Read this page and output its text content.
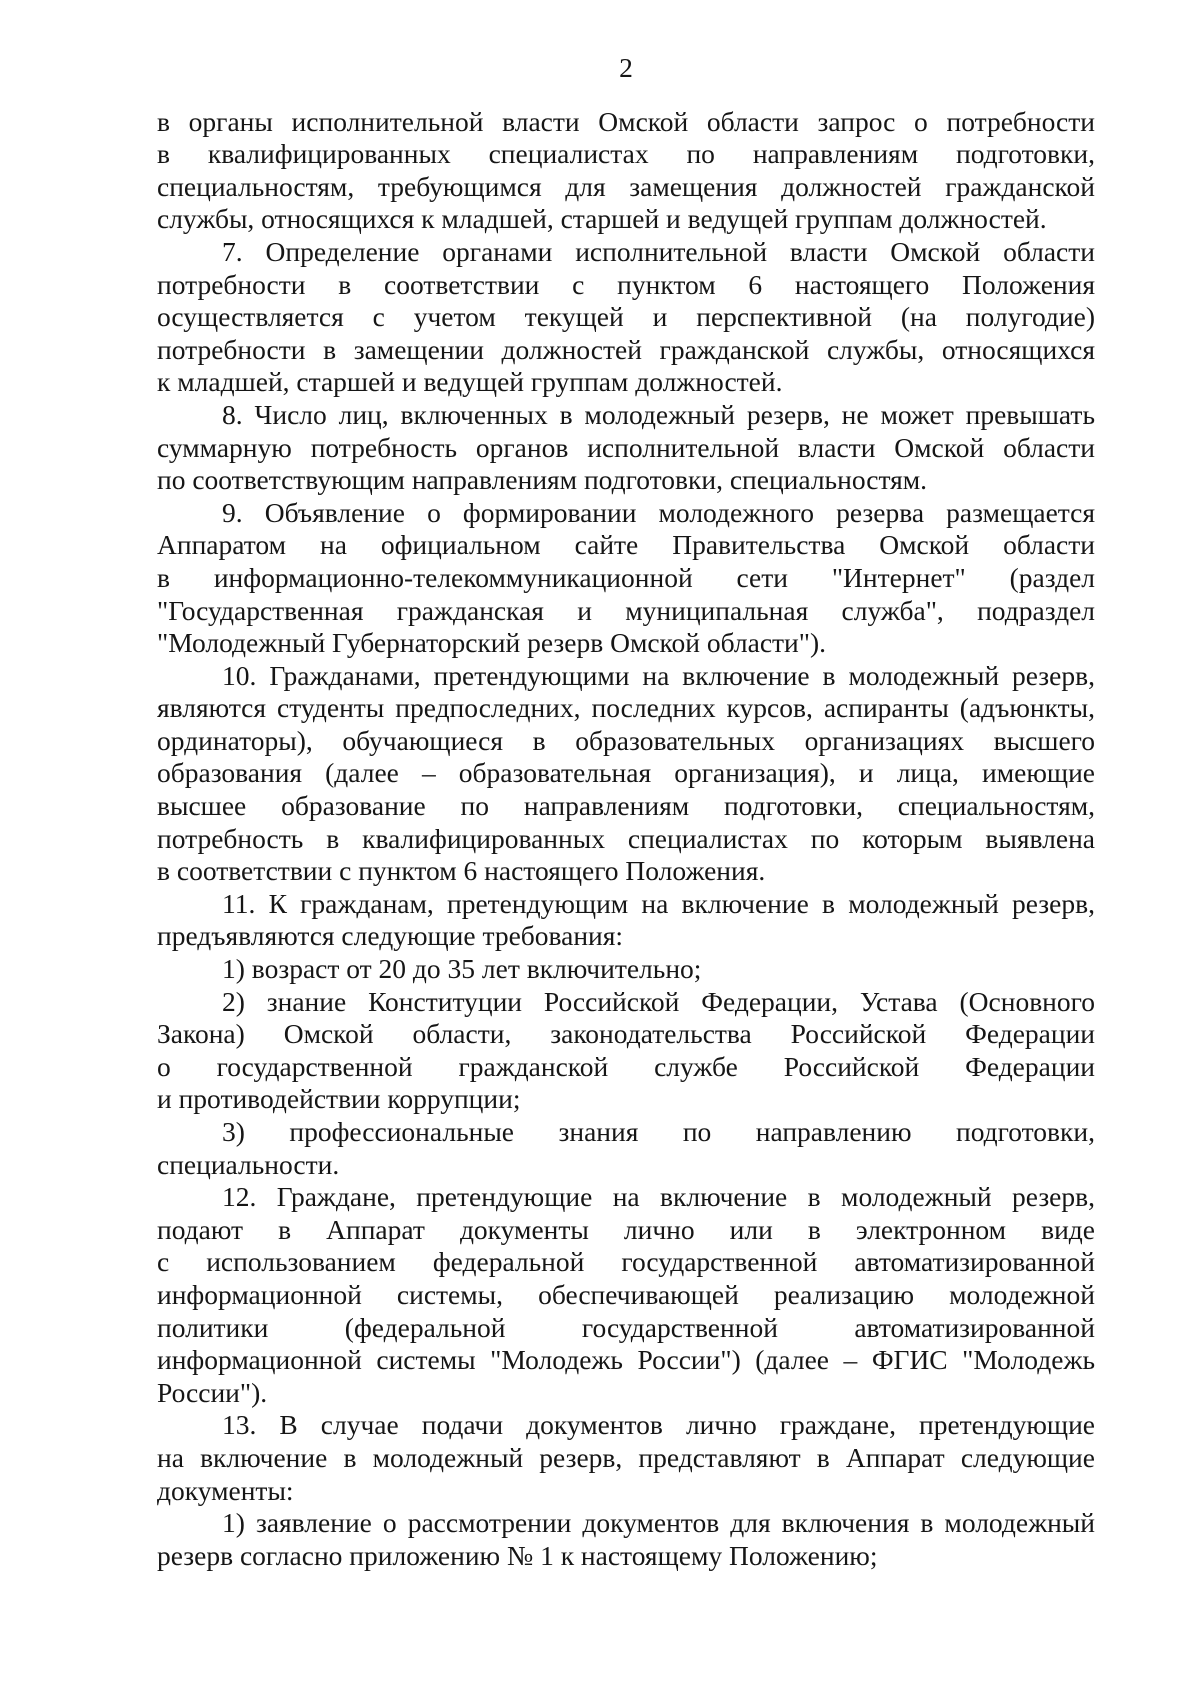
2
в органы исполнительной власти Омской области запрос о потребности
в квалифицированных специалистах по направлениям подготовки,
специальностям, требующимся для замещения должностей гражданской
службы, относящихся к младшей, старшей и ведущей группам должностей.
7. Определение органами исполнительной власти Омской области
потребности в соответствии с пунктом 6 настоящего Положения
осуществляется с учетом текущей и перспективной (на полугодие)
потребности в замещении должностей гражданской службы, относящихся
к младшей, старшей и ведущей группам должностей.
8. Число лиц, включенных в молодежный резерв, не может превышать
суммарную потребность органов исполнительной власти Омской области
по соответствующим направлениям подготовки, специальностям.
9. Объявление о формировании молодежного резерва размещается
Аппаратом на официальном сайте Правительства Омской области
в информационно-телекоммуникационной сети "Интернет" (раздел
"Государственная гражданская и муниципальная служба", подраздел
"Молодежный Губернаторский резерв Омской области").
10. Гражданами, претендующими на включение в молодежный резерв,
являются студенты предпоследних, последних курсов, аспиранты (адъюнкты,
ординаторы), обучающиеся в образовательных организациях высшего
образования (далее – образовательная организация), и лица, имеющие
высшее образование по направлениям подготовки, специальностям,
потребность в квалифицированных специалистах по которым выявлена
в соответствии с пунктом 6 настоящего Положения.
11. К гражданам, претендующим на включение в молодежный резерв,
предъявляются следующие требования:
1) возраст от 20 до 35 лет включительно;
2) знание Конституции Российской Федерации, Устава (Основного
Закона) Омской области, законодательства Российской Федерации
о государственной гражданской службе Российской Федерации
и противодействии коррупции;
3) профессиональные знания по направлению подготовки,
специальности.
12. Граждане, претендующие на включение в молодежный резерв,
подают в Аппарат документы лично или в электронном виде
с использованием федеральной государственной автоматизированной
информационной системы, обеспечивающей реализацию молодежной
политики (федеральной государственной автоматизированной
информационной системы "Молодежь России") (далее – ФГИС "Молодежь
России").
13. В случае подачи документов лично граждане, претендующие
на включение в молодежный резерв, представляют в Аппарат следующие
документы:
1) заявление о рассмотрении документов для включения в молодежный
резерв согласно приложению № 1 к настоящему Положению;
